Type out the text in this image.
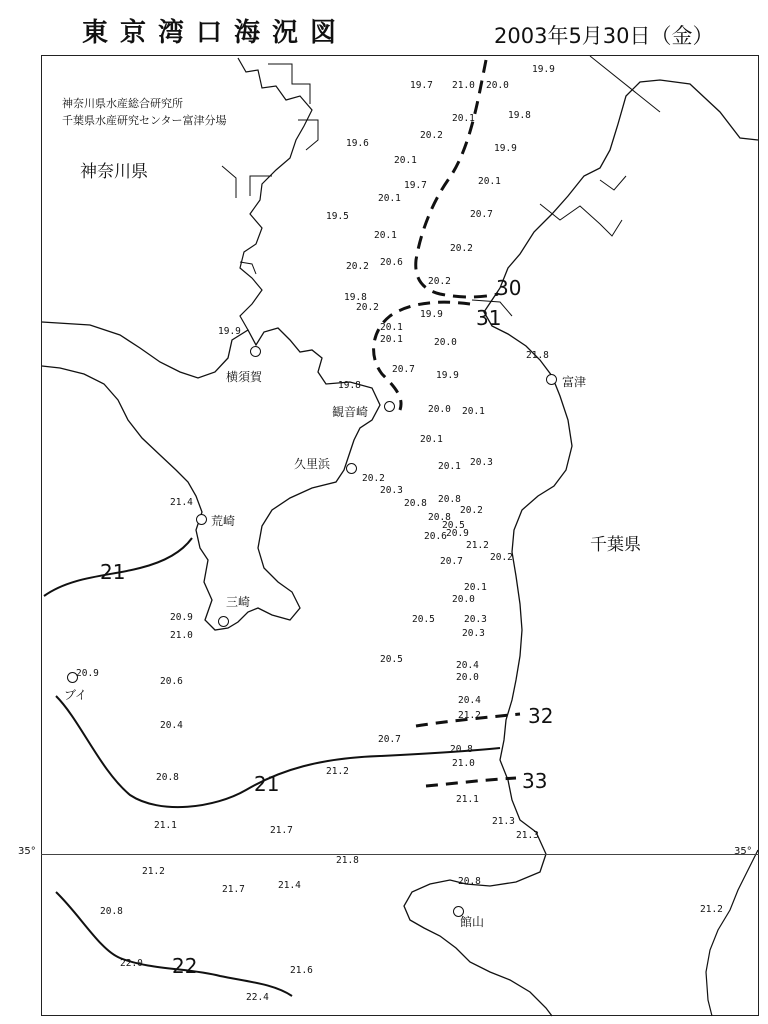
東京湾口海況図	2003年5月30日（金）
35°	35°
神奈川県水産総合研究所
千葉県水産研究センター富津分場
神奈川県
千葉県
横須賀
観音崎
久里浜
富津
荒崎
三崎
ブイ
館山
21
21
22
30
31
32
33
19.7 21.0 20.0
19.9
20.1	19.8
19.6
20.2
20.1
19.9
19.7	20.1
20.1
19.5	20.7
20.1
20.2
20.2 20.6
20.2
19.8
20.2
19.9
20.1
20.1	20.0
19.9
21.8
19.8
20.7
19.9
20.0 20.1
20.1
20.1 20.3
20.2
21.4
20.3
20.8 20.8
20.2
20.8
20.5
20.6 20.9
21.2
20.2
20.7
20.1
20.0
20.9	20.5	20.3
21.0	20.3
20.9
20.6
20.5
20.4
20.0
20.4
21.2
20.4
20.7
20.8
21.2
21.0
20.8
21.1
21.1	21.7
21.3
21.3
21.2
21.8
20.8
20.8
21.7	21.4
21.2
22.0
21.6
22.4
